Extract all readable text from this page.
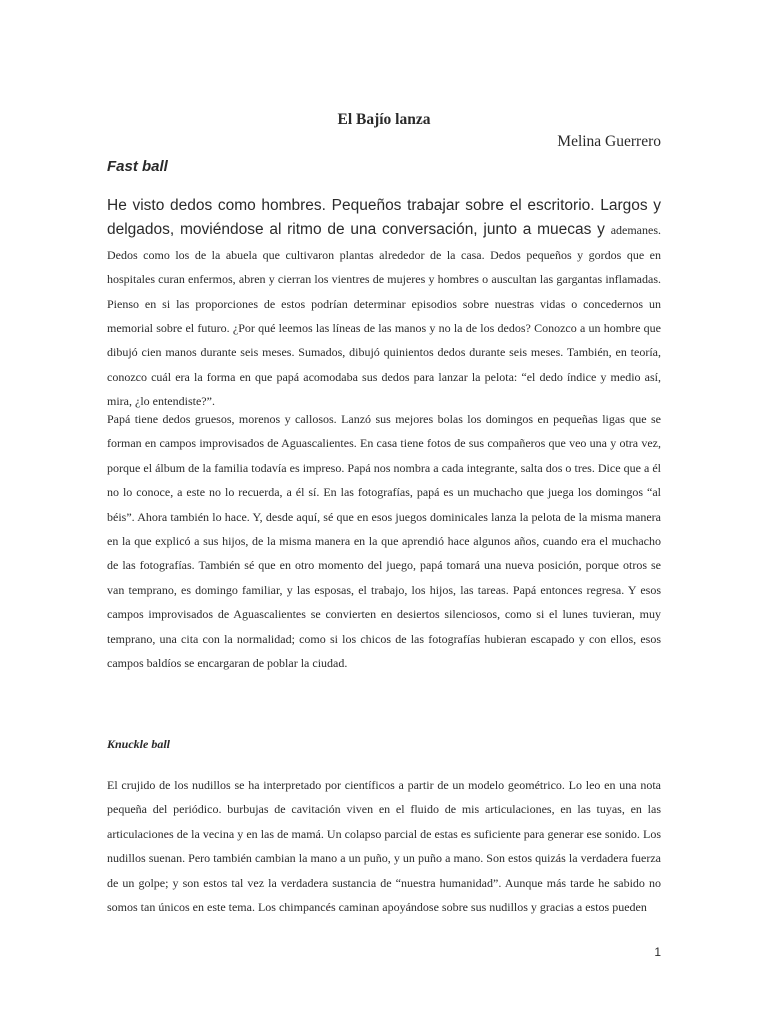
El Bajío lanza
Melina Guerrero
Fast ball

He visto dedos como hombres. Pequeños trabajar sobre el escritorio. Largos y delgados, moviéndose al ritmo de una conversación, junto a muecas y ademanes. Dedos como los de la abuela que cultivaron plantas alrededor de la casa. Dedos pequeños y gordos que en hospitales curan enfermos, abren y cierran los vientres de mujeres y hombres o auscultan las gargantas inflamadas. Pienso en si las proporciones de estos podrían determinar episodios sobre nuestras vidas o concedernos un memorial sobre el futuro. ¿Por qué leemos las líneas de las manos y no la de los dedos? Conozco a un hombre que dibujó cien manos durante seis meses. Sumados, dibujó quinientos dedos durante seis meses. También, en teoría, conozco cuál era la forma en que papá acomodaba sus dedos para lanzar la pelota: “el dedo índice y medio así, mira, ¿lo entendiste?”.

Papá tiene dedos gruesos, morenos y callosos. Lanzó sus mejores bolas los domingos en pequeñas ligas que se forman en campos improvisados de Aguascalientes. En casa tiene fotos de sus compañeros que veo una y otra vez, porque el álbum de la familia todavía es impreso. Papá nos nombra a cada integrante, salta dos o tres. Dice que a él no lo conoce, a este no lo recuerda, a él sí. En las fotografías, papá es un muchacho que juega los domingos “al béis”. Ahora también lo hace. Y, desde aquí, sé que en esos juegos dominicales lanza la pelota de la misma manera en la que explicó a sus hijos, de la misma manera en la que aprendió hace algunos años, cuando era el muchacho de las fotografías. También sé que en otro momento del juego, papá tomará una nueva posición, porque otros se van temprano, es domingo familiar, y las esposas, el trabajo, los hijos, las tareas. Papá entonces regresa. Y esos campos improvisados de Aguascalientes se convierten en desiertos silenciosos, como si el lunes tuvieran, muy temprano, una cita con la normalidad; como si los chicos de las fotografías hubieran escapado y con ellos, esos campos baldíos se encargaran de poblar la ciudad.

Knuckle ball

El crujido de los nudillos se ha interpretado por científicos a partir de un modelo geométrico. Lo leo en una nota pequeña del periódico. burbujas de cavitación viven en el fluido de mis articulaciones, en las tuyas, en las articulaciones de la vecina y en las de mamá. Un colapso parcial de estas es suficiente para generar ese sonido. Los nudillos suenan. Pero también cambian la mano a un puño, y un puño a mano. Son estos quizás la verdadera fuerza de un golpe; y son estos tal vez la verdadera sustancia de “nuestra humanidad”. Aunque más tarde he sabido no somos tan únicos en este tema. Los chimpancés caminan apoyándose sobre sus nudillos y gracias a estos pueden

1
